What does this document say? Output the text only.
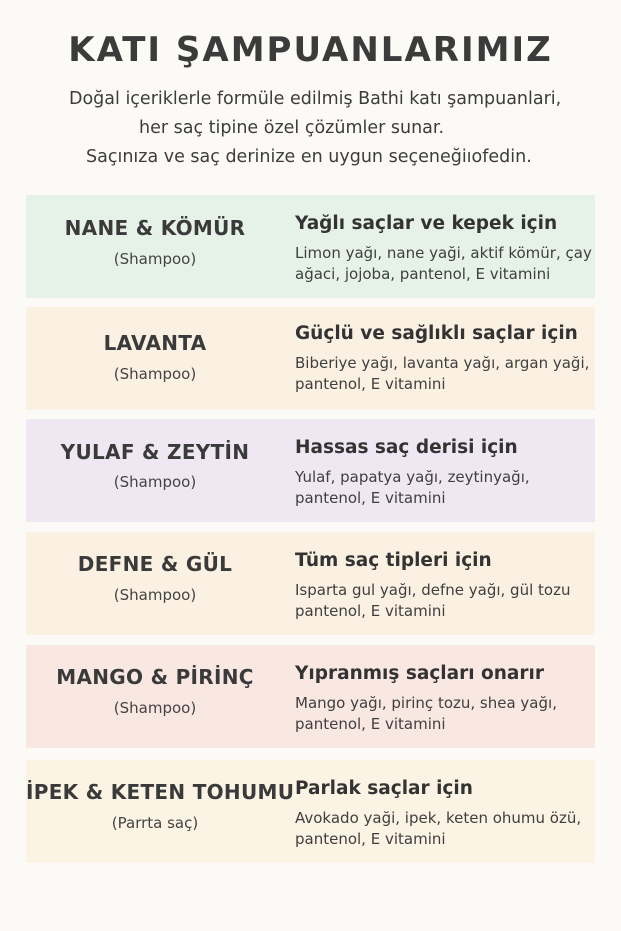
KATI ŞAMPUANLARIMIZ
Doğal içeriklerle formüle edilmiş Bathi katı şampuanlari,
her saç tipine özel çözümler sunar.
Saçınıza ve saç derinize en uygun seçeneğiıofedin.
NANE & KÖMÜR
(Shampoo)
Yağlı saçlar ve kepek için
Limon yağı, nane yaği, aktif kömür, çay ağaci, jojoba, pantenol, E vitamini
LAVANTA
(Shampoo)
Güçlü ve sağlıklı saçlar için
Biberiye yağı, lavanta yağı, argan yaği, pantenol, E vitamini
YULAF & ZEYTİN
(Shampoo)
Hassas saç derisi için
Yulaf, papatya yağı, zeytinyağı, pantenol, E vitamini
DEFNE & GÜL
(Shampoo)
Tüm saç tipleri için
Isparta gul yağı, defne yağı, gül tozu pantenol, E vitamini
MANGO & PİRİNÇ
(Shampoo)
Yıpranmış saçları onarır
Mango yağı, pirinç tozu, shea yağı, pantenol, E vitamini
İPEK & KETEN TOHUMU
(Parrta saç)
Parlak saçlar için
Avokado yaği, ipek, keten ohumu özü, pantenol, E vitamini
